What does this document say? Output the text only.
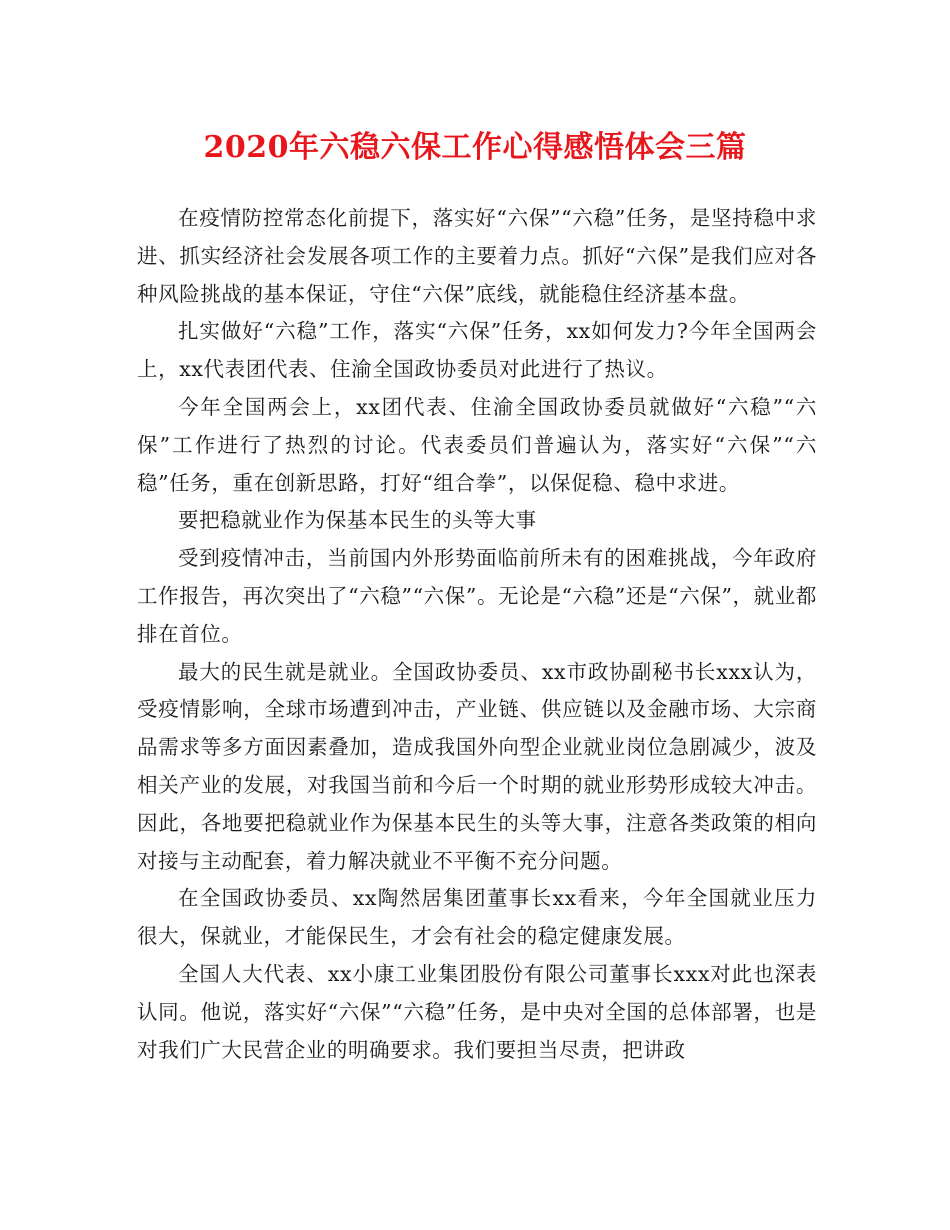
2020年六稳六保工作心得感悟体会三篇

在疫情防控常态化前提下，落实好“六保”“六稳”任务，是坚持稳中求进、抓实经济社会发展各项工作的主要着力点。抓好“六保”是我们应对各种风险挑战的基本保证，守住“六保”底线，就能稳住经济基本盘。

扎实做好“六稳”工作，落实“六保”任务，xx如何发力?今年全国两会上，xx代表团代表、住渝全国政协委员对此进行了热议。

今年全国两会上，xx团代表、住渝全国政协委员就做好“六稳”“六保”工作进行了热烈的讨论。代表委员们普遍认为，落实好“六保”“六稳”任务，重在创新思路，打好“组合拳”，以保促稳、稳中求进。

要把稳就业作为保基本民生的头等大事

受到疫情冲击，当前国内外形势面临前所未有的困难挑战，今年政府工作报告，再次突出了“六稳”“六保”。无论是“六稳”还是“六保”，就业都排在首位。

最大的民生就是就业。全国政协委员、xx市政协副秘书长xxx认为，受疫情影响，全球市场遭到冲击，产业链、供应链以及金融市场、大宗商品需求等多方面因素叠加，造成我国外向型企业就业岗位急剧减少，波及相关产业的发展，对我国当前和今后一个时期的就业形势形成较大冲击。因此，各地要把稳就业作为保基本民生的头等大事，注意各类政策的相向对接与主动配套，着力解决就业不平衡不充分问题。

在全国政协委员、xx陶然居集团董事长xx看来，今年全国就业压力很大，保就业，才能保民生，才会有社会的稳定健康发展。

全国人大代表、xx小康工业集团股份有限公司董事长xxx对此也深表认同。他说，落实好“六保”“六稳”任务，是中央对全国的总体部署，也是对我们广大民营企业的明确要求。我们要担当尽责，把讲政
